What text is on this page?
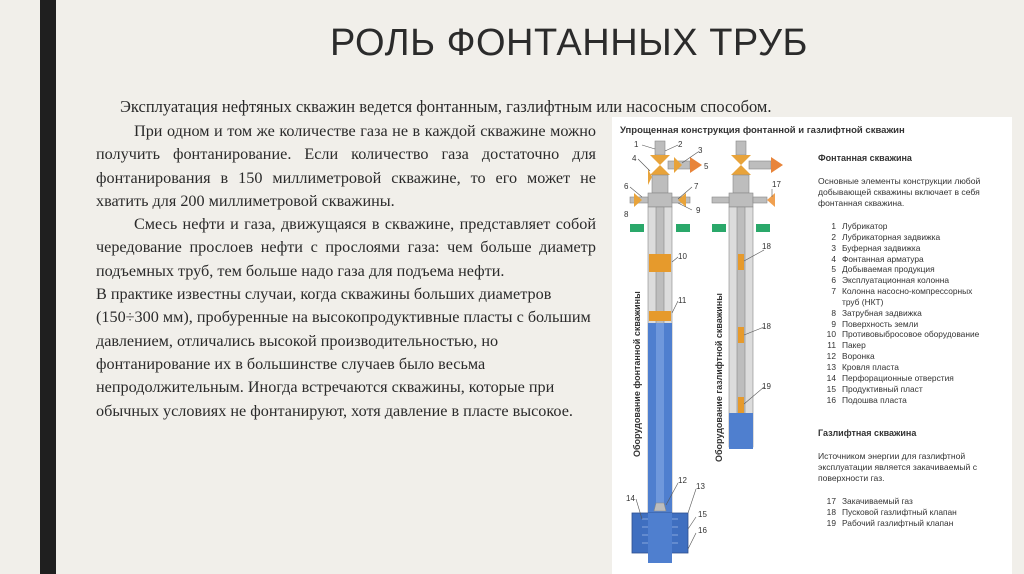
РОЛЬ ФОНТАННЫХ ТРУБ
Эксплуатация нефтяных скважин ведется фонтанным, газлифтным или насосным способом.

При одном и том же количестве газа не в каждой скважине можно получить фонтанирование. Если количество газа достаточно для фонтанирования в 150 миллиметровой скважине, то его может не хватить для 200 миллиметровой скважины.

Смесь нефти и газа, движущаяся в скважине, представляет собой чередование прослоев нефти с прослоями газа: чем больше диаметр подъемных труб, тем больше надо газа для подъема нефти.

В практике известны случаи, когда скважины больших диаметров (150÷300 мм), пробуренные на высокопродуктивные пласты с большим давлением, отличались высокой производительностью, но фонтанирование их в большинстве случаев было весьма непродолжительным. Иногда встречаются скважины, которые при обычных условиях не фонтанируют, хотя давление в пласте высокое.

1	2
3
4
5
6	7
8	9
10
11
12
13
14
15
16
17
18
18
19
Упрощенная конструкция фонтанной и газлифтной скважин
Оборудование фонтанной скважины	Оборудование газлифтной скважины
Фонтанная скважина
Основные элементы конструкции любой добывающей скважины включает в себя фонтанная скважина.
1 Лубрикатор
2 Лубрикаторная задвижка
3 Буферная задвижка
4 Фонтанная арматура
5 Добываемая продукция
6 Эксплуатационная колонна
7 Колонна насосно-компрессорных
труб (НКТ)
8 Затрубная задвижка
9 Поверхность земли
10 Противовыбросовое оборудование
11 Пакер
12 Воронка
13 Кровля пласта
14 Перфорационные отверстия
15 Продуктивный пласт
16 Подошва пласта
Газлифтная скважина
Источником энергии для газлифтной эксплуатации является закачиваемый с поверхности газ.
17 Закачиваемый газ
18 Пусковой газлифтный клапан
19 Рабочий газлифтный клапан
